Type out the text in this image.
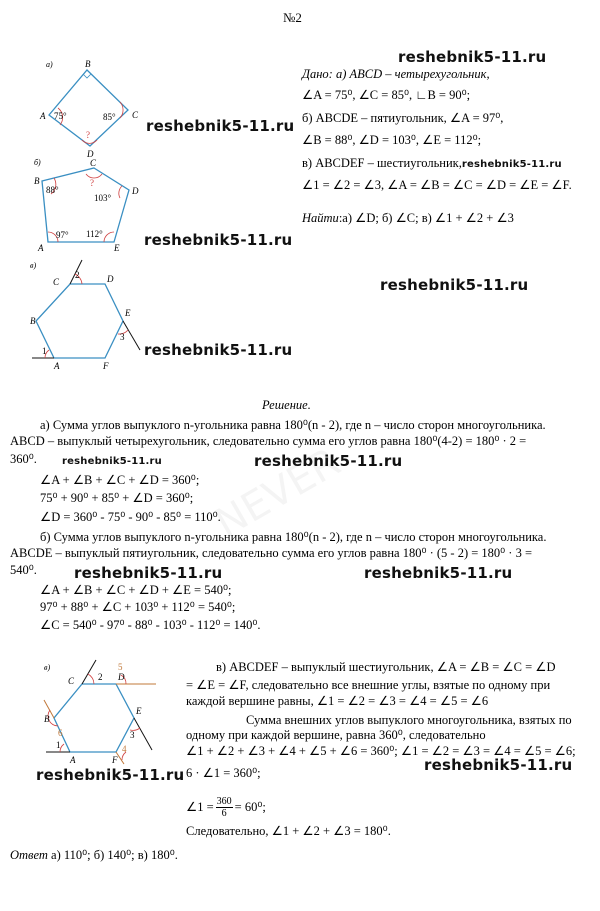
№2
reshebnik5-11.ru
reshebnik5-11.ru
reshebnik5-11.ru
reshebnik5-11.ru
reshebnik5-11.ru
reshebnik5-11.ru	reshebnik5-11.ru
reshebnik5-11.ru	reshebnik5-11.ru
reshebnik5-11.ru
reshebnik5-11.ru
а)	B
C
A
D
75°	85°
?
б)	C
D
B
A	E
88°
?
103°
97° 112°
в)
C	D
E
B
A	F
2
3
1
Дано: а) ABCD – четырехугольник,
∠A = 75⁰, ∠C = 85⁰, ∟B = 90⁰;
б) ABCDE – пятиугольник, ∠A = 97⁰,
∠B = 88⁰, ∠D = 103⁰, ∠E = 112⁰;
в) ABCDEF – шестиугольник,reshebnik5-11.ru
∠1 = ∠2 = ∠3, ∠A = ∠B = ∠C = ∠D = ∠E = ∠F.
Найти:а) ∠D; б) ∠C; в) ∠1 + ∠2 + ∠3
Решение.
а) Сумма углов выпуклого n-угольника равна 180⁰(n - 2), где n – число сторон многоугольника.
ABCD – выпуклый четырехугольник, следовательно сумма его углов равна 180⁰(4-2) = 180⁰ · 2 =
360⁰.
∠A + ∠B + ∠C + ∠D = 360⁰;
75⁰ + 90⁰ + 85⁰ + ∠D = 360⁰;
∠D = 360⁰ - 75⁰ - 90⁰ - 85⁰ = 110⁰.
б) Сумма углов выпуклого n-угольника равна 180⁰(n - 2), где n – число сторон многоугольника.
ABCDE – выпуклый пятиугольник, следовательно сумма его углов равна 180⁰ · (5 - 2) = 180⁰ · 3 =
540⁰.
∠A + ∠B + ∠C + ∠D + ∠E = 540⁰;
97⁰ + 88⁰ + ∠C + 103⁰ + 112⁰ = 540⁰;
∠C = 540⁰ - 97⁰ - 88⁰ - 103⁰ - 112⁰ = 140⁰.
в)
C	D
E
B
A	F
2
5
3
4
1
6
в) ABCDEF – выпуклый шестиугольник, ∠A = ∠B = ∠C = ∠D
= ∠E = ∠F, следовательно все внешние углы, взятые по одному при
каждой вершине равны, ∠1 = ∠2 = ∠3 = ∠4 = ∠5 = ∠6
Сумма внешних углов выпуклого многоугольника, взятых по
одному при каждой вершине, равна 360⁰, следовательно
∠1 + ∠2 + ∠3 + ∠4 + ∠5 + ∠6 = 360⁰; ∠1 = ∠2 = ∠3 = ∠4 = ∠5 = ∠6;
6 · ∠1 = 360⁰;
∠1 = $\frac{360}{6} = 60^0$;
Следовательно, ∠1 + ∠2 + ∠3 = 180⁰.
Ответ а) 110⁰; б) 140⁰; в) 180⁰.
